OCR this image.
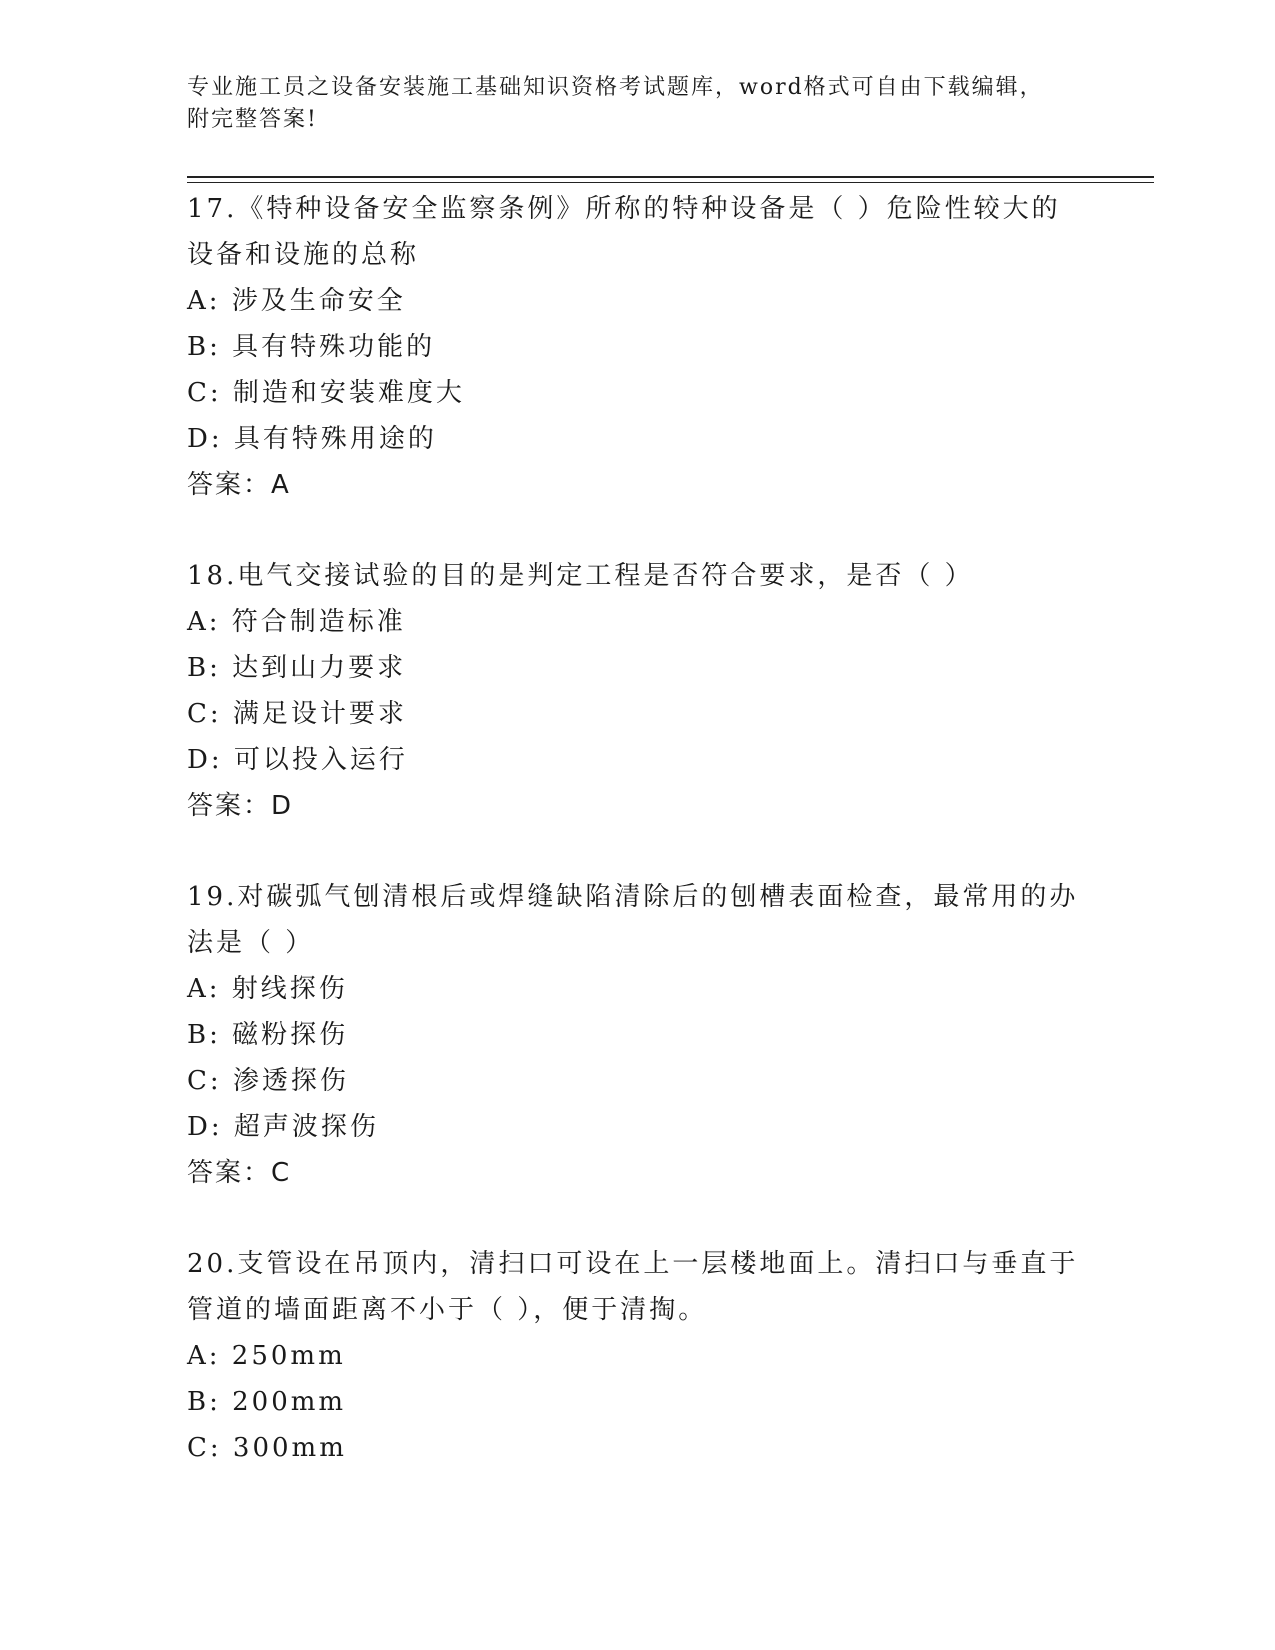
专业施工员之设备安装施工基础知识资格考试题库，word格式可自由下载编辑，
附完整答案!

17.《特种设备安全监察条例》所称的特种设备是（ ）危险性较大的

设备和设施的总称

A: 涉及生命安全

B: 具有特殊功能的

C: 制造和安装难度大

D: 具有特殊用途的

答案：A

18.电气交接试验的目的是判定工程是否符合要求，是否（ ）

A: 符合制造标准

B: 达到山力要求

C: 满足设计要求

D: 可以投入运行

答案：D

19.对碳弧气刨清根后或焊缝缺陷清除后的刨槽表面检查，最常用的办

法是（ ）

A: 射线探伤

B: 磁粉探伤

C: 渗透探伤

D: 超声波探伤

答案：C

20.支管设在吊顶内，清扫口可设在上一层楼地面上。清扫口与垂直于

管道的墙面距离不小于（ ），便于清掏。

A: 250mm

B: 200mm

C: 300mm
